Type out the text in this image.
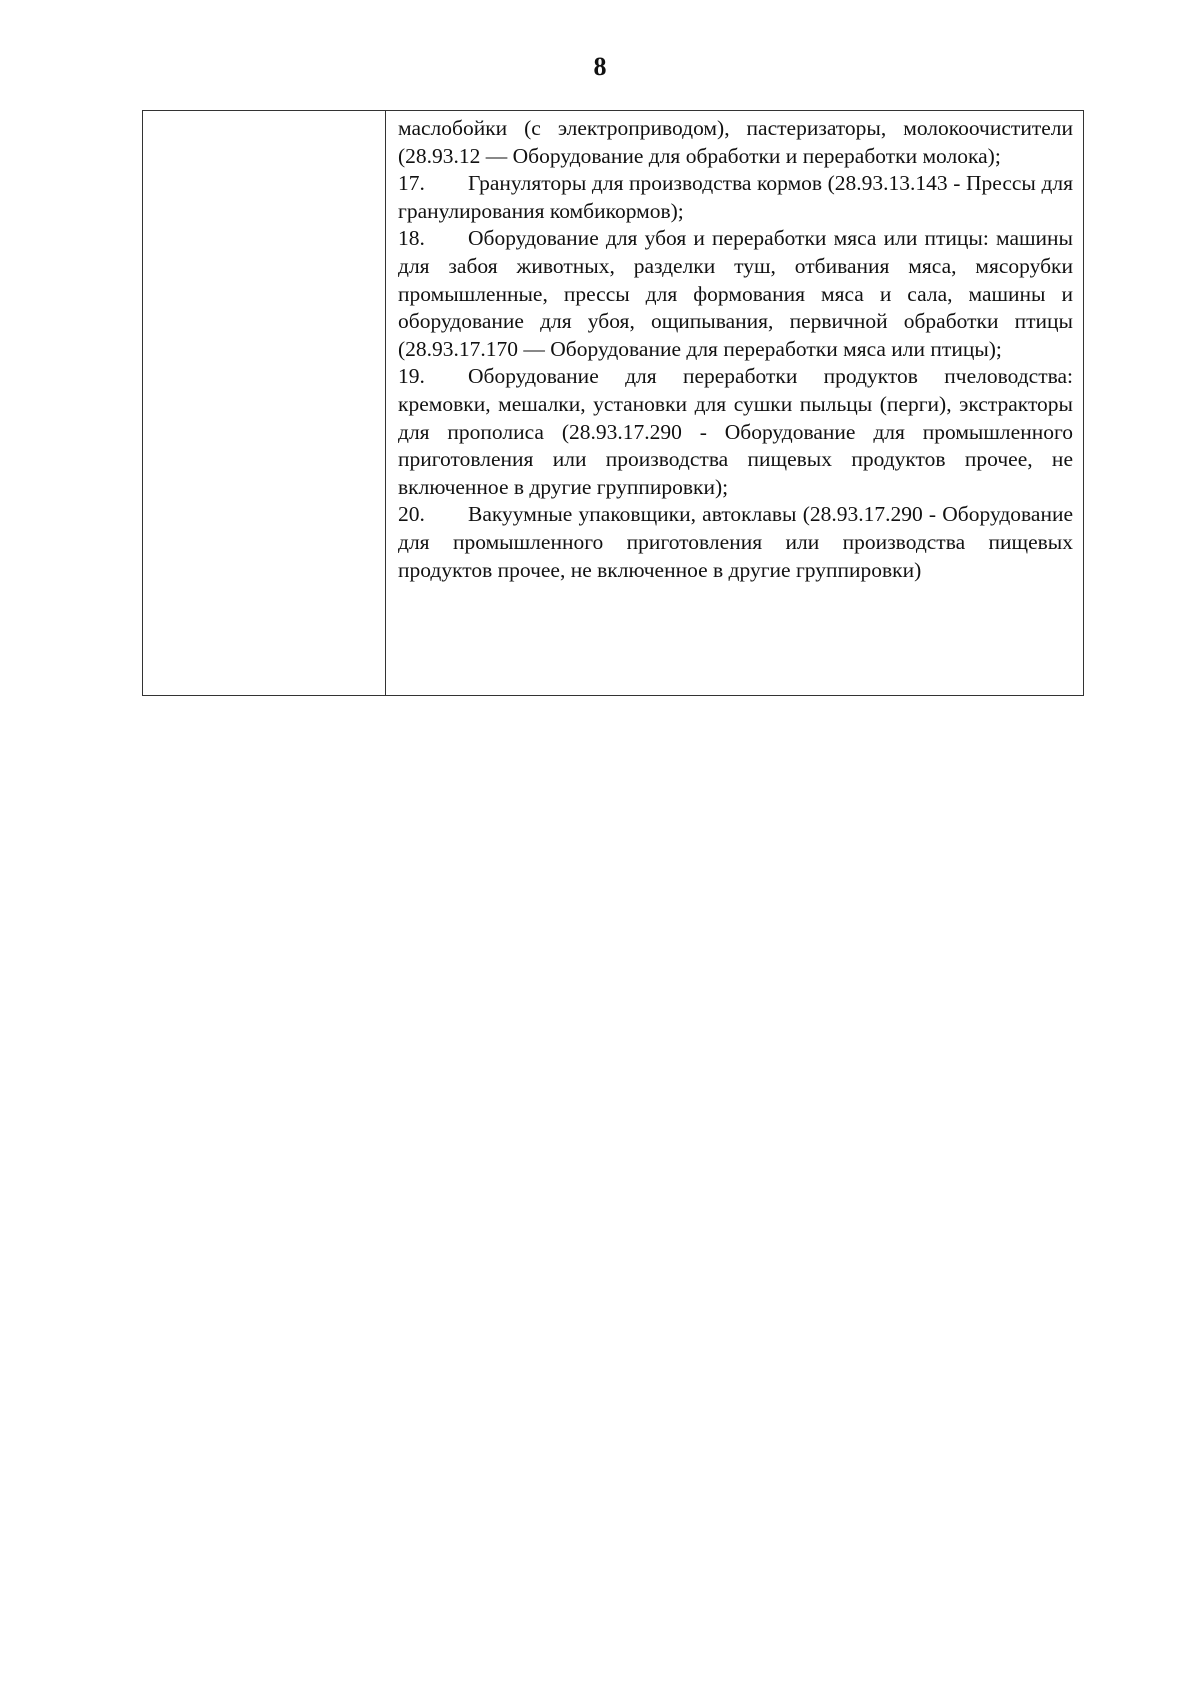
8

маслобойки (с электроприводом), пастеризаторы, молокоочистители (28.93.12 — Оборудование для обработки и переработки молока);

17. Грануляторы для производства кормов (28.93.13.143 - Прессы для гранулирования комбикормов);

18. Оборудование для убоя и переработки мяса или птицы: машины для забоя животных, разделки туш, отбивания мяса, мясорубки промышленные, прессы для формования мяса и сала, машины и оборудование для убоя, ощипывания, первичной обработки птицы (28.93.17.170 — Оборудование для переработки мяса или птицы);

19. Оборудование для переработки продуктов пчеловодства: кремовки, мешалки, установки для сушки пыльцы (перги), экстракторы для прополиса (28.93.17.290 - Оборудование для промышленного приготовления или производства пищевых продуктов прочее, не включенное в другие группировки);

20. Вакуумные упаковщики, автоклавы (28.93.17.290 - Оборудование для промышленного приготовления или производства пищевых продуктов прочее, не включенное в другие группировки)
